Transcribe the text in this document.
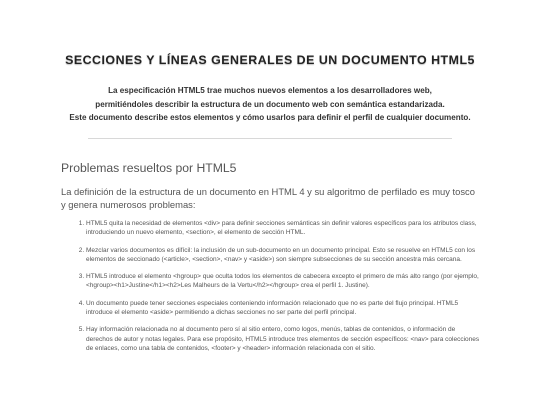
SECCIONES Y LÍNEAS GENERALES DE UN DOCUMENTO HTML5

La especificación HTML5 trae muchos nuevos elementos a los desarrolladores web,

permitiéndoles describir la estructura de un documento web con semántica estandarizada.

Este documento describe estos elementos y cómo usarlos para definir el perfil de cualquier documento.

Problemas resueltos por HTML5
La definición de la estructura de un documento en HTML 4 y su algoritmo de perfilado es muy tosco y genera numerosos problemas:
1. HTML5 quita la necesidad de elementos <div> para definir secciones semánticas sin definir valores específicos para los atributos class, introduciendo un nuevo elemento, <section>, el elemento de sección HTML.
2. Mezclar varios documentos es difícil: la inclusión de un sub-documento en un documento principal. Esto se resuelve en HTML5 con los elementos de seccionado (<article>, <section>, <nav> y <aside>) son siempre subsecciones de su sección ancestra más cercana.
3. HTML5 introduce el elemento <hgroup> que oculta todos los elementos de cabecera excepto el primero de más alto rango (por ejemplo, <hgroup><h1>Justine</h1><h2>Les Malheurs de la Vertu</h2></hgroup> crea el perfil 1. Justine).
4. Un documento puede tener secciones especiales conteniendo información relacionado que no es parte del flujo principal. HTML5 introduce el elemento <aside> permitiendo a dichas secciones no ser parte del perfil principal.
5. Hay información relacionada no al documento pero sí al sitio entero, como logos, menús, tablas de contenidos, o información de derechos de autor y notas legales. Para ese propósito, HTML5 introduce tres elementos de sección específicos: <nav> para colecciones de enlaces, como una tabla de contenidos, <footer> y <header> información relacionada con el sitio.
